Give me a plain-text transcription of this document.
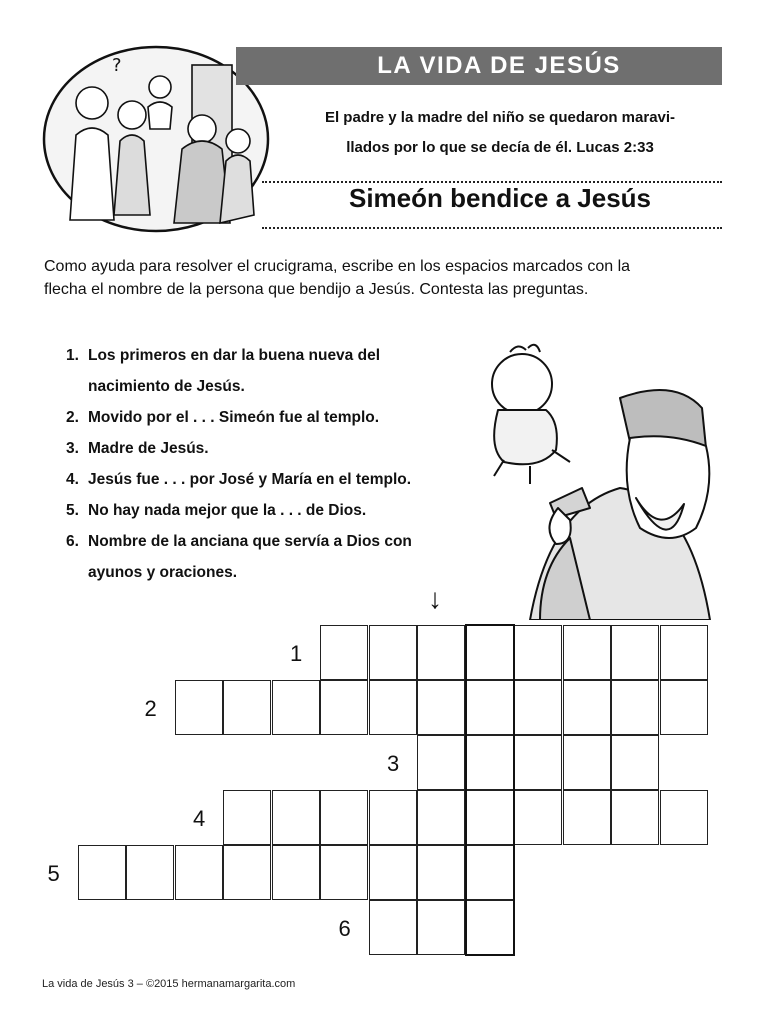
?	LA VIDA DE JESÚS
El padre y la madre del niño se quedaron maravi-
llados por lo que se decía de él. Lucas 2:33
Simeón bendice a Jesús
Como ayuda para resolver el crucigrama, escribe en los espacios marcados con la
flecha el nombre de la persona que bendijo a Jesús. Contesta las preguntas.
1. Los primeros en dar la buena nueva del
nacimiento de Jesús.
2. Movido por el . . . Simeón fue al templo.
3. Madre de Jesús.
4. Jesús fue . . . por José y María en el templo.
5. No hay nada mejor que la . . . de Dios.
6. Nombre de la anciana que servía a Dios con
ayunos y oraciones.
↓
1
2
3
4
5
6
La vida de Jesús 3 – ©2015 hermanamargarita.com
